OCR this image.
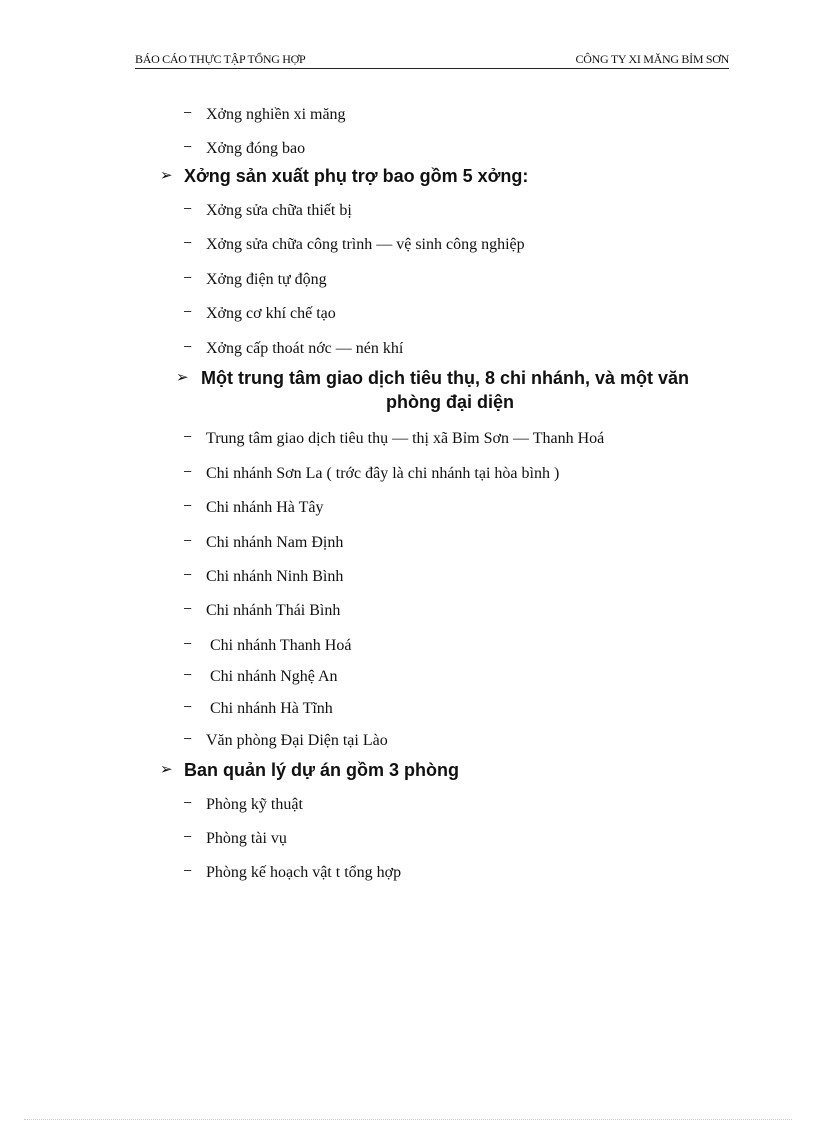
BÁO CÁO THỰC TẬP TỔNG HỢP	CÔNG TY XI MĂNG BỈM SƠN
– Xởng nghiền xi măng
– Xởng đóng bao
➢ Xởng sản xuất phụ trợ bao gồm 5 xởng:
– Xởng sửa chữa thiết bị
– Xởng sửa chữa công trình — vệ sinh công nghiệp
– Xởng điện tự động
– Xởng cơ khí chế tạo
– Xởng cấp thoát nớc — nén khí
➢ Một trung tâm giao dịch tiêu thụ, 8 chi nhánh, và một văn
phòng đại diện
– Trung tâm giao dịch tiêu thụ — thị xã Bỉm Sơn — Thanh Hoá
– Chi nhánh Sơn La ( trớc đây là chi nhánh tại hòa bình )
– Chi nhánh Hà Tây
– Chi nhánh Nam Định
– Chi nhánh Ninh Bình
– Chi nhánh Thái Bình
– Chi nhánh Thanh Hoá
– Chi nhánh Nghệ An
– Chi nhánh Hà Tĩnh
– Văn phòng Đại Diện tại Lào
➢ Ban quản lý dự án gồm 3 phòng
– Phòng kỹ thuật
– Phòng tài vụ
– Phòng kế hoạch vật t tổng hợp
